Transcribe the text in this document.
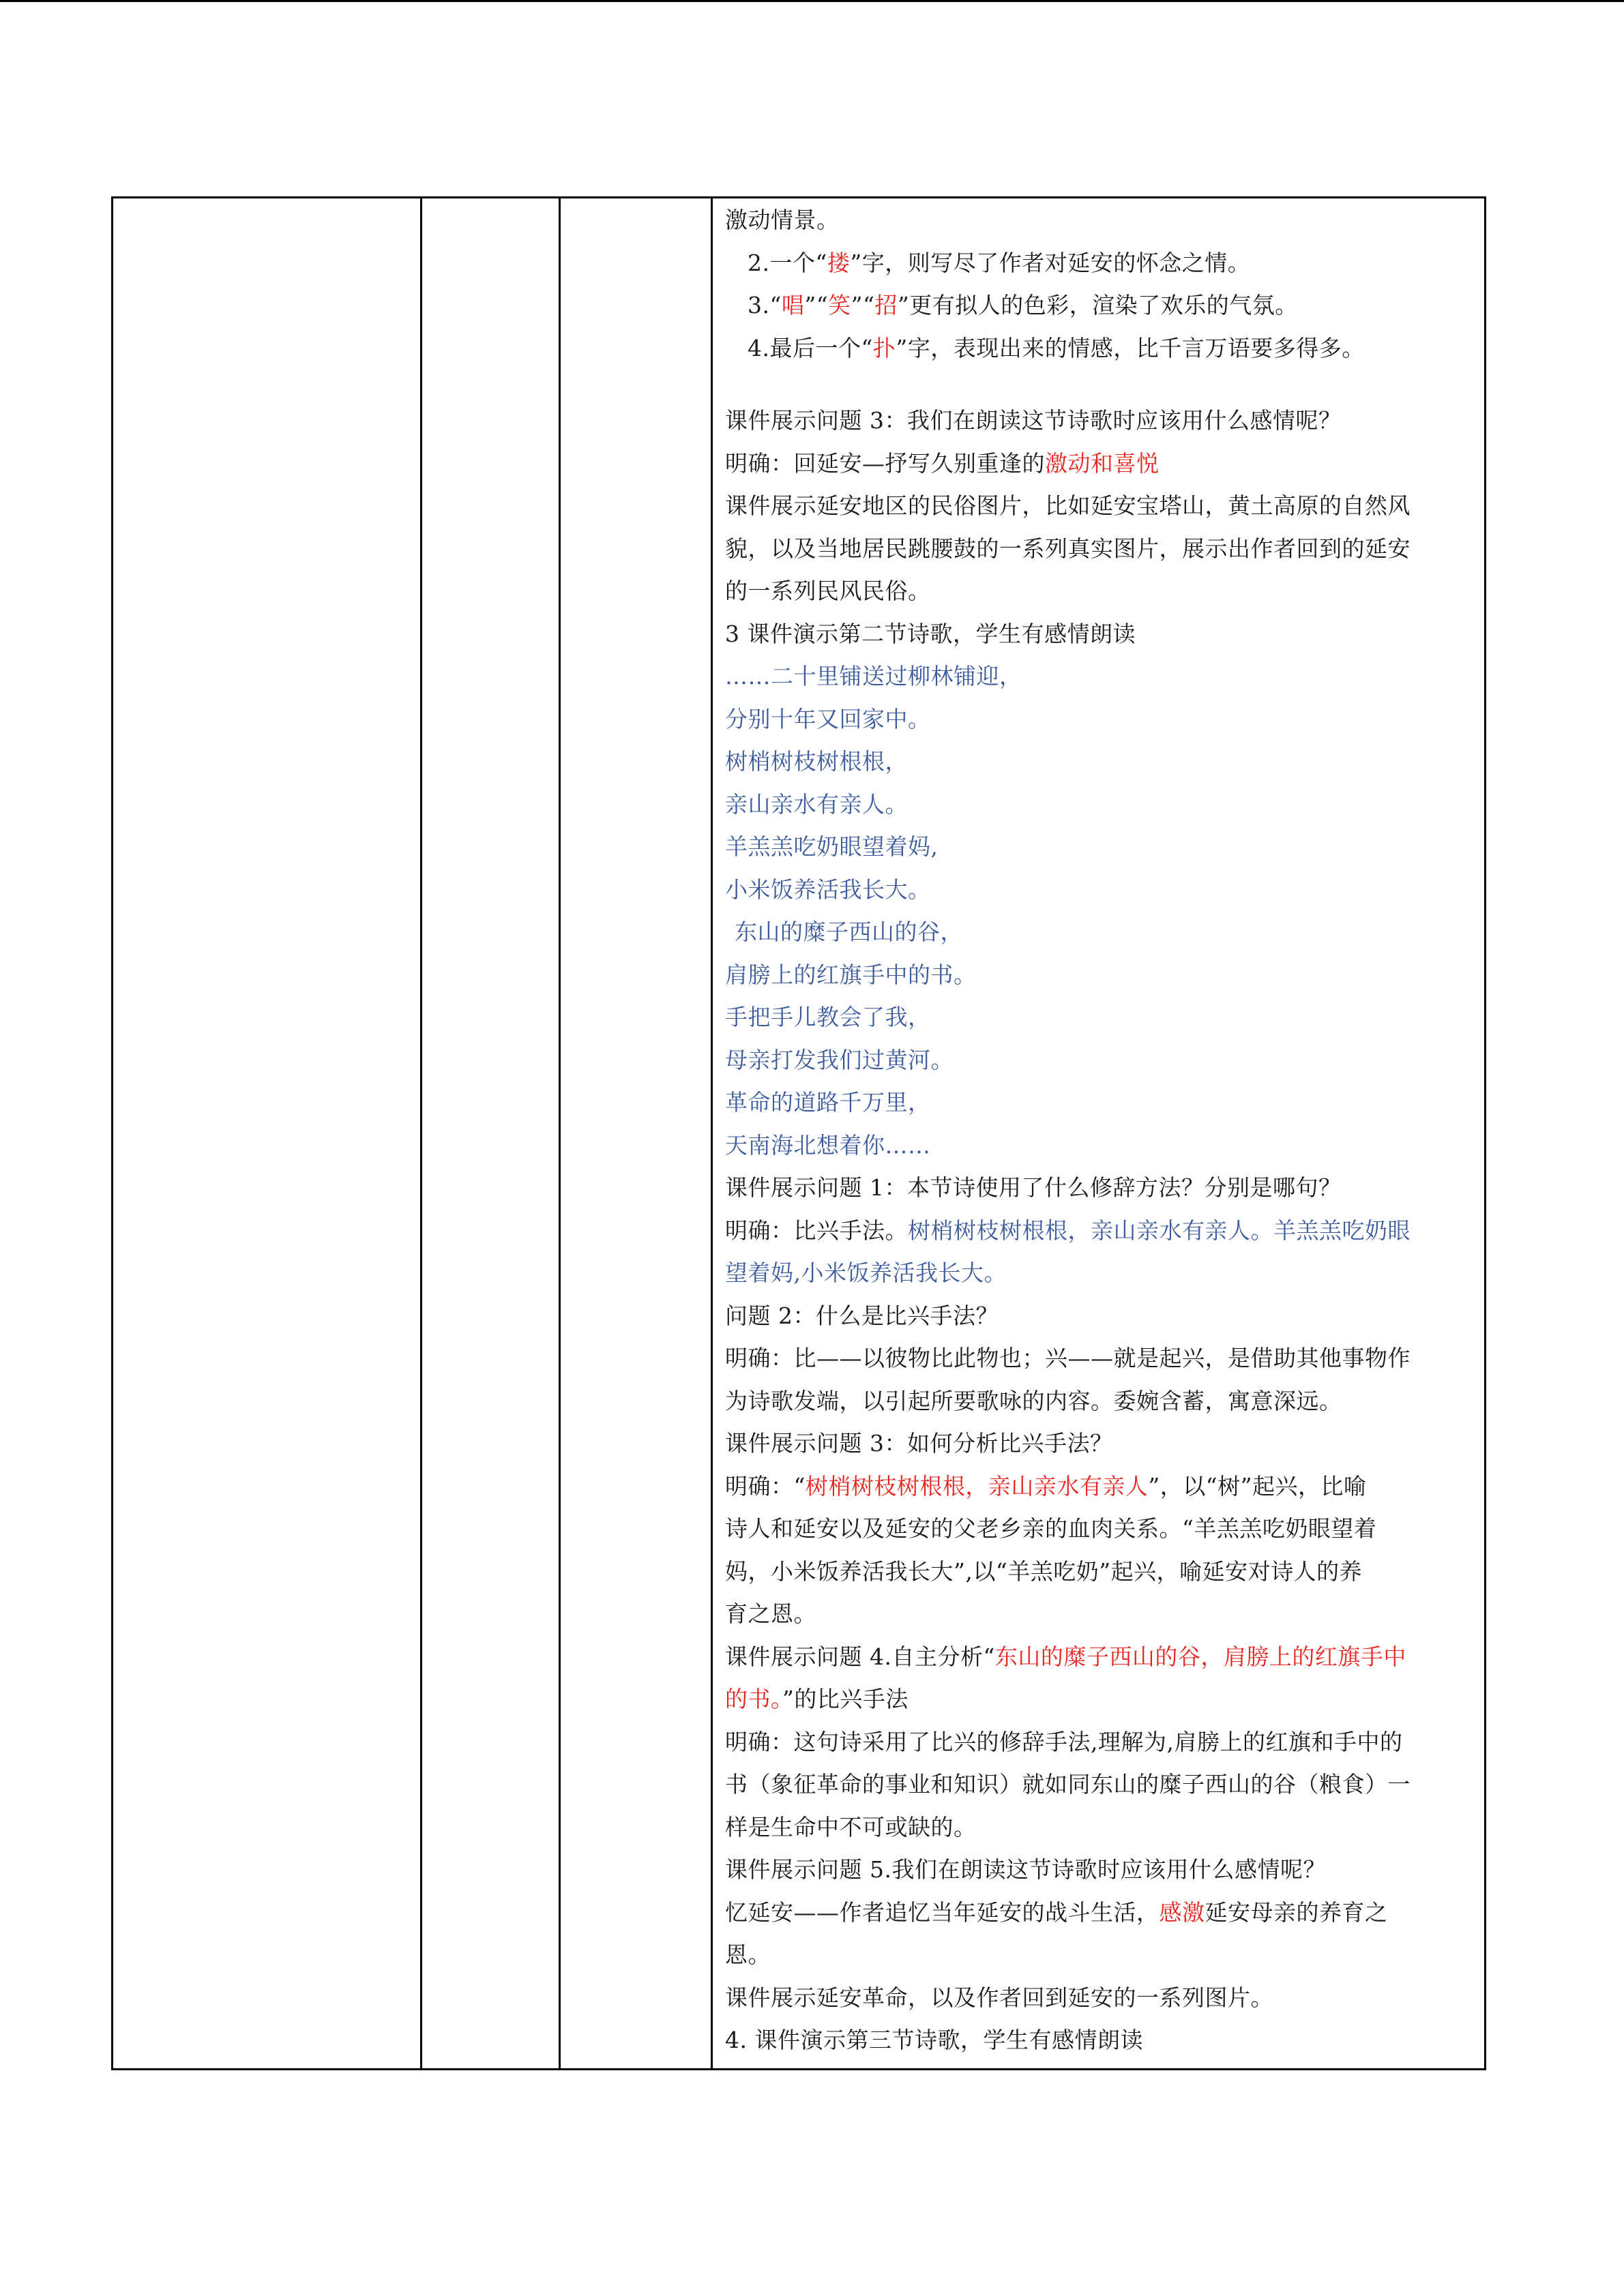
激动情景。
2.一个“搂”字，则写尽了作者对延安的怀念之情。
3.“唱”“笑”“招”更有拟人的色彩，渲染了欢乐的气氛。
4.最后一个“扑”字，表现出来的情感，比千言万语要多得多。
课件展示问题 3：我们在朗读这节诗歌时应该用什么感情呢？
明确：回延安—抒写久别重逢的激动和喜悦
课件展示延安地区的民俗图片，比如延安宝塔山，黄土高原的自然风
貌，以及当地居民跳腰鼓的一系列真实图片，展示出作者回到的延安
的一系列民风民俗。
3 课件演示第二节诗歌，学生有感情朗读
……二十里铺送过柳林铺迎，
分别十年又回家中。
树梢树枝树根根，
亲山亲水有亲人。
羊羔羔吃奶眼望着妈,
小米饭养活我长大。
东山的糜子西山的谷，
肩膀上的红旗手中的书。
手把手儿教会了我，
母亲打发我们过黄河。
革命的道路千万里，
天南海北想着你……
课件展示问题 1：本节诗使用了什么修辞方法？分别是哪句？
明确：比兴手法。树梢树枝树根根，亲山亲水有亲人。羊羔羔吃奶眼
望着妈,小米饭养活我长大。
问题 2：什么是比兴手法？
明确：比——以彼物比此物也；兴——就是起兴，是借助其他事物作
为诗歌发端，以引起所要歌咏的内容。委婉含蓄，寓意深远。
课件展示问题 3：如何分析比兴手法？
明确：“树梢树枝树根根，亲山亲水有亲人”，以“树”起兴，比喻
诗人和延安以及延安的父老乡亲的血肉关系。“羊羔羔吃奶眼望着
妈，小米饭养活我长大”,以“羊羔吃奶”起兴，喻延安对诗人的养
育之恩。
课件展示问题 4.自主分析“东山的糜子西山的谷，肩膀上的红旗手中
的书。”的比兴手法
明确：这句诗采用了比兴的修辞手法,理解为,肩膀上的红旗和手中的
书（象征革命的事业和知识）就如同东山的糜子西山的谷（粮食）一
样是生命中不可或缺的。
课件展示问题 5.我们在朗读这节诗歌时应该用什么感情呢？
忆延安——作者追忆当年延安的战斗生活，感激延安母亲的养育之
恩。
课件展示延安革命，以及作者回到延安的一系列图片。
4. 课件演示第三节诗歌，学生有感情朗读
